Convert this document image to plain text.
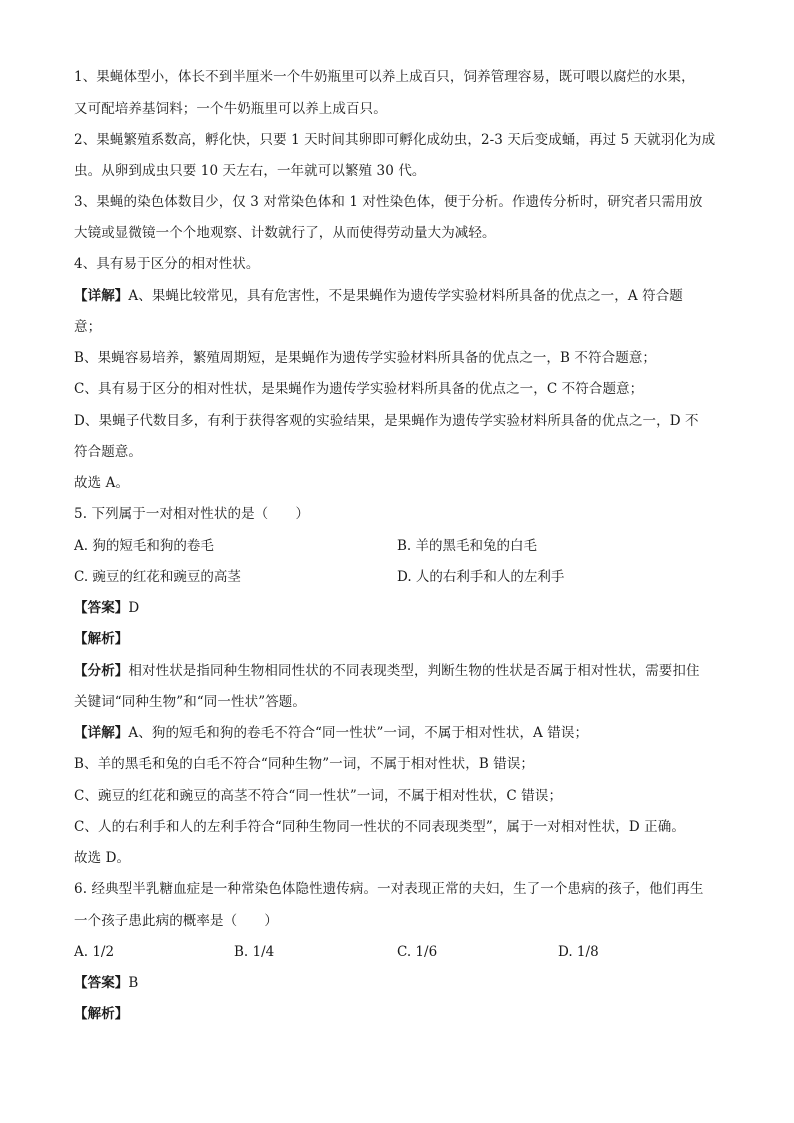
1、果蝇体型小，体长不到半厘米一个牛奶瓶里可以养上成百只，饲养管理容易，既可喂以腐烂的水果，
又可配培养基饲料；一个牛奶瓶里可以养上成百只。
2、果蝇繁殖系数高，孵化快，只要 1 天时间其卵即可孵化成幼虫，2-3 天后变成蛹，再过 5 天就羽化为成
虫。从卵到成虫只要 10 天左右，一年就可以繁殖 30 代。
3、果蝇的染色体数目少，仅 3 对常染色体和 1 对性染色体，便于分析。作遗传分析时，研究者只需用放
大镜或显微镜一个个地观察、计数就行了，从而使得劳动量大为减轻。
4、具有易于区分的相对性状。
【详解】A、果蝇比较常见，具有危害性，不是果蝇作为遗传学实验材料所具备的优点之一，A 符合题
意；
B、果蝇容易培养，繁殖周期短，是果蝇作为遗传学实验材料所具备的优点之一，B 不符合题意；
C、具有易于区分的相对性状，是果蝇作为遗传学实验材料所具备的优点之一，C 不符合题意；
D、果蝇子代数目多，有利于获得客观的实验结果，是果蝇作为遗传学实验材料所具备的优点之一，D 不
符合题意。
故选 A。
5. 下列属于一对相对性状的是（　　）
A. 狗的短毛和狗的卷毛	B. 羊的黑毛和兔的白毛
C. 豌豆的红花和豌豆的高茎	D. 人的右利手和人的左利手
【答案】D
【解析】
【分析】相对性状是指同种生物相同性状的不同表现类型，判断生物的性状是否属于相对性状，需要扣住
关键词“同种生物”和“同一性状”答题。
【详解】A、狗的短毛和狗的卷毛不符合“同一性状”一词，不属于相对性状，A 错误；
B、羊的黑毛和兔的白毛不符合“同种生物”一词，不属于相对性状，B 错误；
C、豌豆的红花和豌豆的高茎不符合“同一性状”一词，不属于相对性状，C 错误；
C、人的右利手和人的左利手符合“同种生物同一性状的不同表现类型”，属于一对相对性状，D 正确。
故选 D。
6. 经典型半乳糖血症是一种常染色体隐性遗传病。一对表现正常的夫妇，生了一个患病的孩子，他们再生
一个孩子患此病的概率是（　　）
A. 1/2	B. 1/4	C. 1/6	D. 1/8
【答案】B
【解析】
